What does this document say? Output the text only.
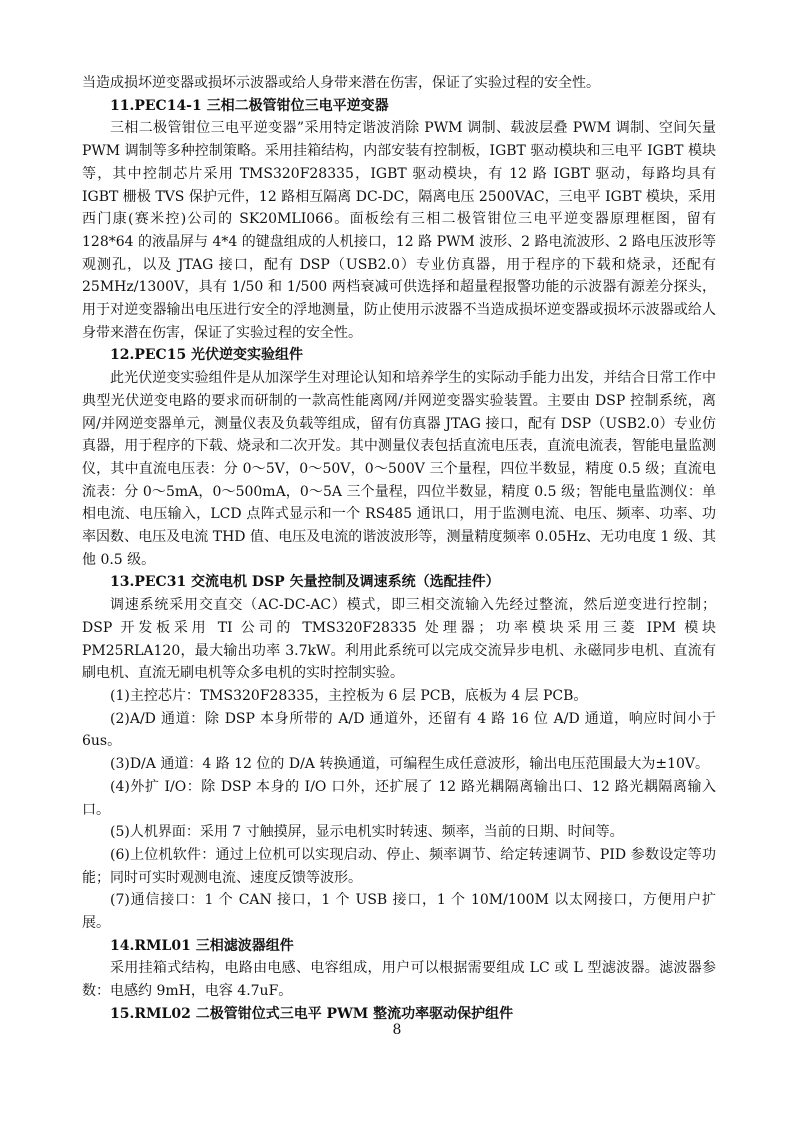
当造成损坏逆变器或损坏示波器或给人身带来潜在伤害，保证了实验过程的安全性。

11.PEC14-1 三相二极管钳位三电平逆变器

三相二极管钳位三电平逆变器”采用特定谐波消除 PWM 调制、载波层叠 PWM 调制、空间矢量 PWM 调制等多种控制策略。采用挂箱结构，内部安装有控制板，IGBT 驱动模块和三电平 IGBT 模块等，其中控制芯片采用 TMS320F28335，IGBT 驱动模块，有 12 路 IGBT 驱动，每路均具有 IGBT 栅极 TVS 保护元件，12 路相互隔离 DC-DC，隔离电压 2500VAC，三电平 IGBT 模块，采用西门康(赛米控)公司的 SK20MLI066。面板绘有三相二极管钳位三电平逆变器原理框图，留有 128*64 的液晶屏与 4*4 的键盘组成的人机接口，12 路 PWM 波形、2 路电流波形、2 路电压波形等观测孔，以及 JTAG 接口，配有 DSP（USB2.0）专业仿真器，用于程序的下载和烧录，还配有 25MHz/1300V，具有 1/50 和 1/500 两档衰减可供选择和超量程报警功能的示波器有源差分探头，用于对逆变器输出电压进行安全的浮地测量，防止使用示波器不当造成损坏逆变器或损坏示波器或给人身带来潜在伤害，保证了实验过程的安全性。

12.PEC15 光伏逆变实验组件

此光伏逆变实验组件是从加深学生对理论认知和培养学生的实际动手能力出发，并结合日常工作中典型光伏逆变电路的要求而研制的一款高性能离网/并网逆变器实验装置。主要由 DSP 控制系统，离网/并网逆变器单元，测量仪表及负载等组成，留有仿真器 JTAG 接口，配有 DSP（USB2.0）专业仿真器，用于程序的下载、烧录和二次开发。其中测量仪表包括直流电压表，直流电流表，智能电量监测仪，其中直流电压表：分 0～5V，0～50V，0～500V 三个量程，四位半数显，精度 0.5 级；直流电流表：分 0～5mA，0～500mA，0～5A 三个量程，四位半数显，精度 0.5 级；智能电量监测仪：单相电流、电压输入，LCD 点阵式显示和一个 RS485 通讯口，用于监测电流、电压、频率、功率、功率因数、电压及电流 THD 值、电压及电流的谐波波形等，测量精度频率 0.05Hz、无功电度 1 级、其他 0.5 级。

13.PEC31 交流电机 DSP 矢量控制及调速系统（选配挂件）

调速系统采用交直交（AC-DC-AC）模式，即三相交流输入先经过整流，然后逆变进行控制；DSP 开发板采用 TI 公司的 TMS320F28335 处理器；功率模块采用三菱 IPM 模块 PM25RLA120，最大输出功率 3.7kW。利用此系统可以完成交流异步电机、永磁同步电机、直流有刷电机、直流无刷电机等众多电机的实时控制实验。

(1)主控芯片：TMS320F28335，主控板为 6 层 PCB，底板为 4 层 PCB。

(2)A/D 通道：除 DSP 本身所带的 A/D 通道外，还留有 4 路 16 位 A/D 通道，响应时间小于 6us。

(3)D/A 通道：4 路 12 位的 D/A 转换通道，可编程生成任意波形，输出电压范围最大为±10V。

(4)外扩 I/O：除 DSP 本身的 I/O 口外，还扩展了 12 路光耦隔离输出口、12 路光耦隔离输入口。

(5)人机界面：采用 7 寸触摸屏，显示电机实时转速、频率，当前的日期、时间等。

(6)上位机软件：通过上位机可以实现启动、停止、频率调节、给定转速调节、PID 参数设定等功能；同时可实时观测电流、速度反馈等波形。

(7)通信接口：1 个 CAN 接口，1 个 USB 接口，1 个 10M/100M 以太网接口，方便用户扩展。

14.RML01 三相滤波器组件

采用挂箱式结构，电路由电感、电容组成，用户可以根据需要组成 LC 或 L 型滤波器。滤波器参数：电感约 9mH，电容 4.7uF。

15.RML02 二极管钳位式三电平 PWM 整流功率驱动保护组件
8
